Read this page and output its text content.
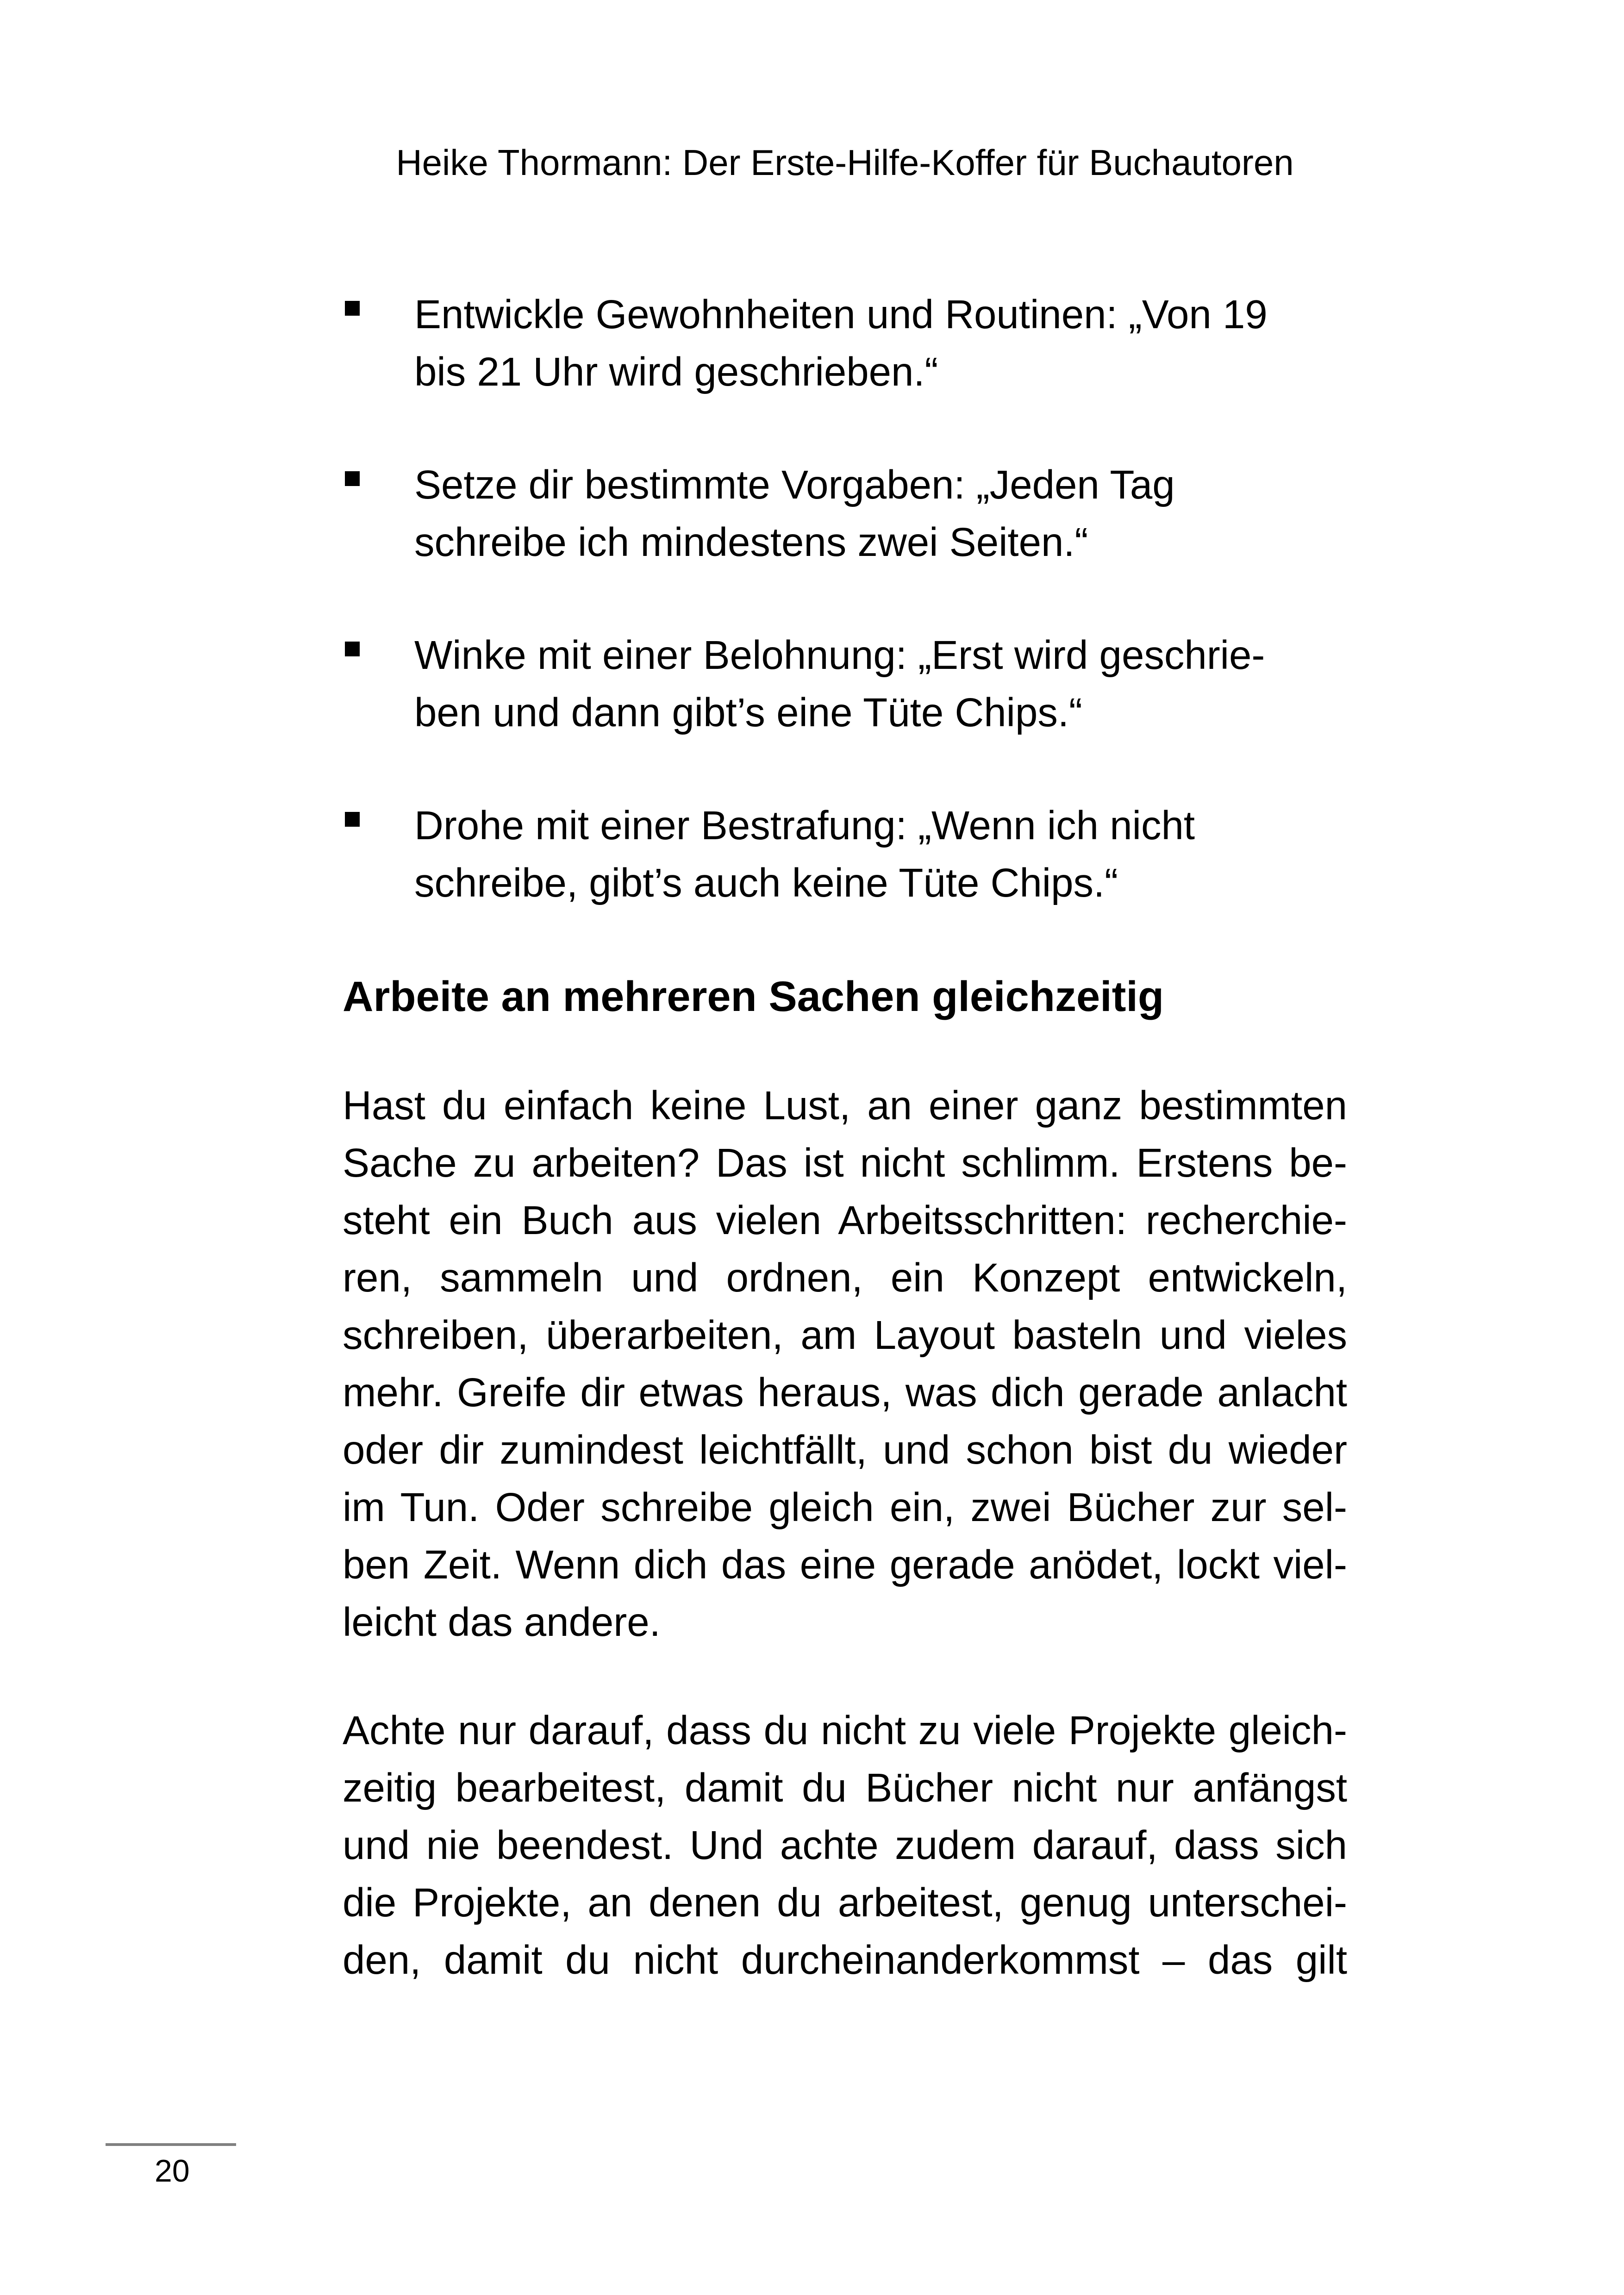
Heike Thormann: Der Erste-Hilfe-Koffer für Buchautoren
Entwickle Gewohnheiten und Routinen: „Von 19
bis 21 Uhr wird geschrieben.“
Setze dir bestimmte Vorgaben: „Jeden Tag
schreibe ich mindestens zwei Seiten.“
Winke mit einer Belohnung: „Erst wird geschrie-
ben und dann gibt’s eine Tüte Chips.“
Drohe mit einer Bestrafung: „Wenn ich nicht
schreibe, gibt’s auch keine Tüte Chips.“
Arbeite an mehreren Sachen gleichzeitig
Hast du einfach keine Lust, an einer ganz bestimmten
Sache zu arbeiten? Das ist nicht schlimm. Erstens be-
steht ein Buch aus vielen Arbeitsschritten: recherchie-
ren, sammeln und ordnen, ein Konzept entwickeln,
schreiben, überarbeiten, am Layout basteln und vieles
mehr. Greife dir etwas heraus, was dich gerade anlacht
oder dir zumindest leichtfällt, und schon bist du wieder
im Tun. Oder schreibe gleich ein, zwei Bücher zur sel-
ben Zeit. Wenn dich das eine gerade anödet, lockt viel-
leicht das andere.
Achte nur darauf, dass du nicht zu viele Projekte gleich-
zeitig bearbeitest, damit du Bücher nicht nur anfängst
und nie beendest. Und achte zudem darauf, dass sich
die Projekte, an denen du arbeitest, genug unterschei-
den, damit du nicht durcheinanderkommst – das gilt
20
